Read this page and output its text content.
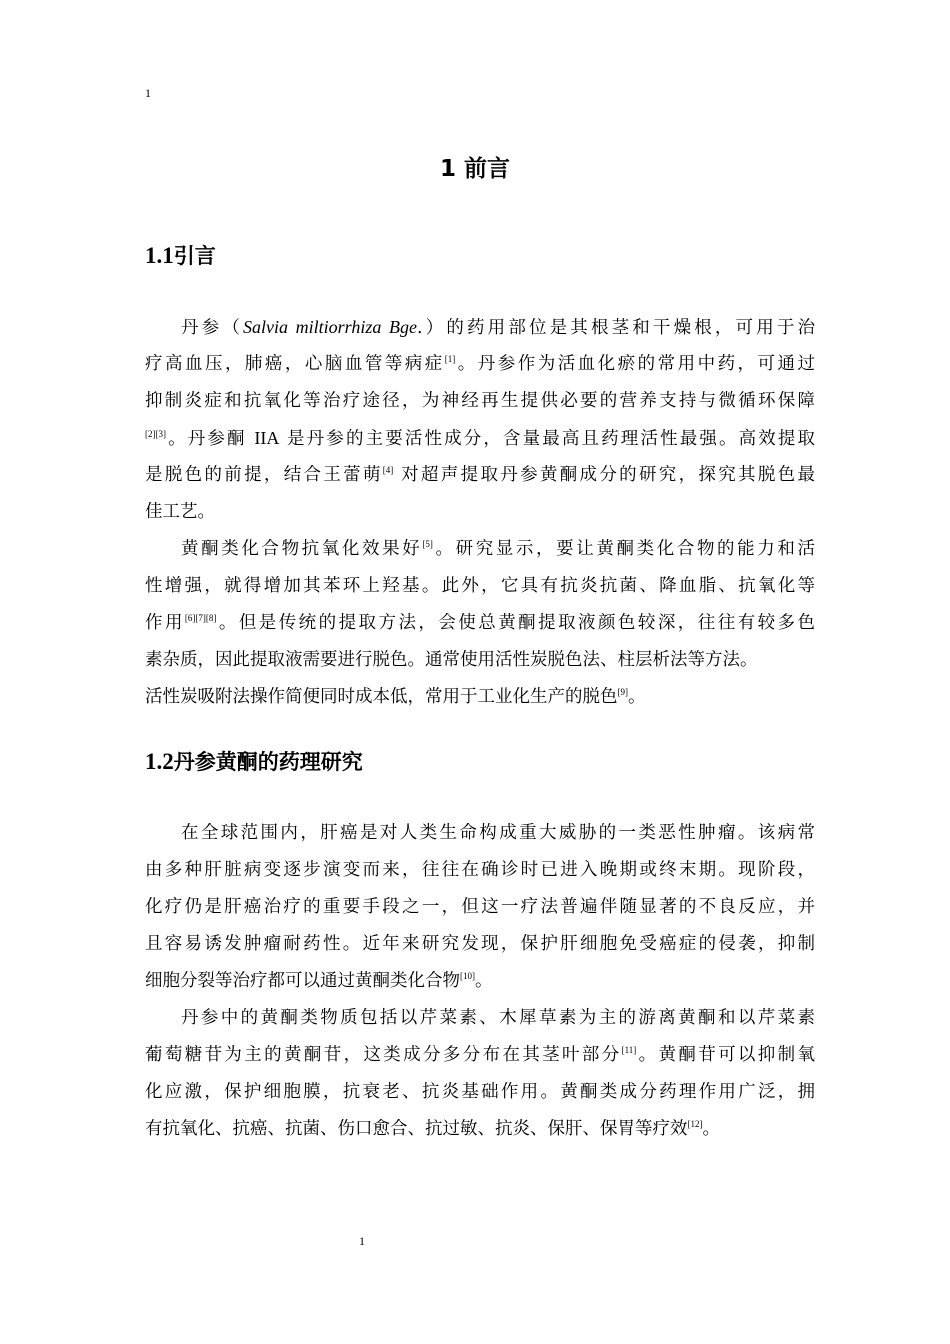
1
1 前言
1.1引言
丹参（Salvia miltiorrhiza Bge.）的药用部位是其根茎和干燥根，可用于治
疗高血压，肺癌，心脑血管等病症[1]。丹参作为活血化瘀的常用中药，可通过
抑制炎症和抗氧化等治疗途径，为神经再生提供必要的营养支持与微循环保障
[2][3]。丹参酮 IIA 是丹参的主要活性成分，含量最高且药理活性最强。高效提取
是脱色的前提，结合王蕾萌[4] 对超声提取丹参黄酮成分的研究，探究其脱色最
佳工艺。
黄酮类化合物抗氧化效果好[5]。研究显示，要让黄酮类化合物的能力和活
性增强，就得增加其苯环上羟基。此外，它具有抗炎抗菌、降血脂、抗氧化等
作用[6][7][8]。但是传统的提取方法，会使总黄酮提取液颜色较深，往往有较多色
素杂质，因此提取液需要进行脱色。通常使用活性炭脱色法、柱层析法等方法。
活性炭吸附法操作简便同时成本低，常用于工业化生产的脱色[9]。
1.2丹参黄酮的药理研究
在全球范围内，肝癌是对人类生命构成重大威胁的一类恶性肿瘤。该病常
由多种肝脏病变逐步演变而来，往往在确诊时已进入晚期或终末期。现阶段，
化疗仍是肝癌治疗的重要手段之一，但这一疗法普遍伴随显著的不良反应，并
且容易诱发肿瘤耐药性。近年来研究发现，保护肝细胞免受癌症的侵袭，抑制
细胞分裂等治疗都可以通过黄酮类化合物[10]。
丹参中的黄酮类物质包括以芹菜素、木犀草素为主的游离黄酮和以芹菜素
葡萄糖苷为主的黄酮苷，这类成分多分布在其茎叶部分[11]。黄酮苷可以抑制氧
化应激，保护细胞膜，抗衰老、抗炎基础作用。黄酮类成分药理作用广泛，拥
有抗氧化、抗癌、抗菌、伤口愈合、抗过敏、抗炎、保肝、保胃等疗效[12]。
1
